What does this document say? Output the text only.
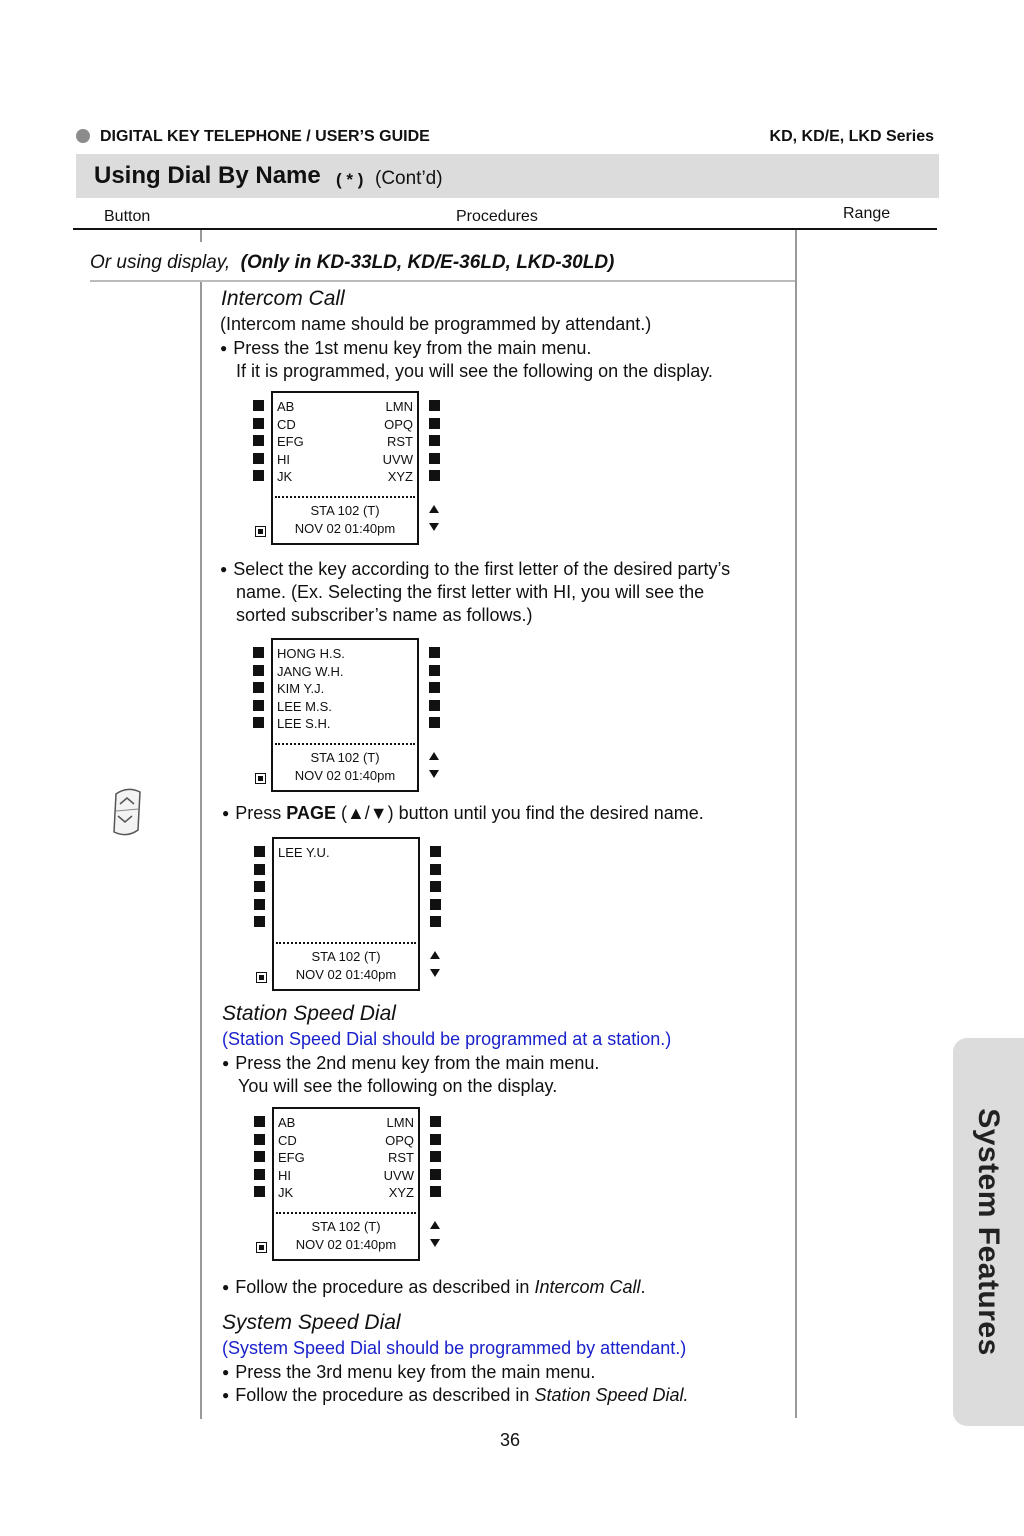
DIGITAL KEY TELEPHONE / USER’S GUIDE	KD, KD/E, LKD Series
Using Dial By Name ( * ) (Cont’d)
Button	Procedures	Range
Or using display, (Only in KD-33LD, KD/E-36LD, LKD-30LD)
Intercom Call
(Intercom name should be programmed by attendant.)
● Press the 1st menu key from the main menu.
If it is programmed, you will see the following on the display.
AB	LMN
CD	OPQ
EFG	RST
HI	UVW
JK	XYZ
STA 102 (T)
NOV 02 01:40pm
● Select the key according to the first letter of the desired party’s
name. (Ex. Selecting the first letter with HI, you will see the
sorted subscriber’s name as follows.)
HONG H.S.
JANG W.H.
KIM Y.J.
LEE M.S.
LEE S.H.
STA 102 (T)
NOV 02 01:40pm
● Press PAGE (▲/▼) button until you find the desired name.
LEE Y.U.
STA 102 (T)
NOV 02 01:40pm
Station Speed Dial
(Station Speed Dial should be programmed at a station.)
● Press the 2nd menu key from the main menu.
You will see the following on the display.
AB	LMN
CD	OPQ
EFG	RST
HI	UVW
JK	XYZ
STA 102 (T)
NOV 02 01:40pm
● Follow the procedure as described in Intercom Call.
System Speed Dial
(System Speed Dial should be programmed by attendant.)
● Press the 3rd menu key from the main menu.
● Follow the procedure as described in Station Speed Dial.
System Features
36
